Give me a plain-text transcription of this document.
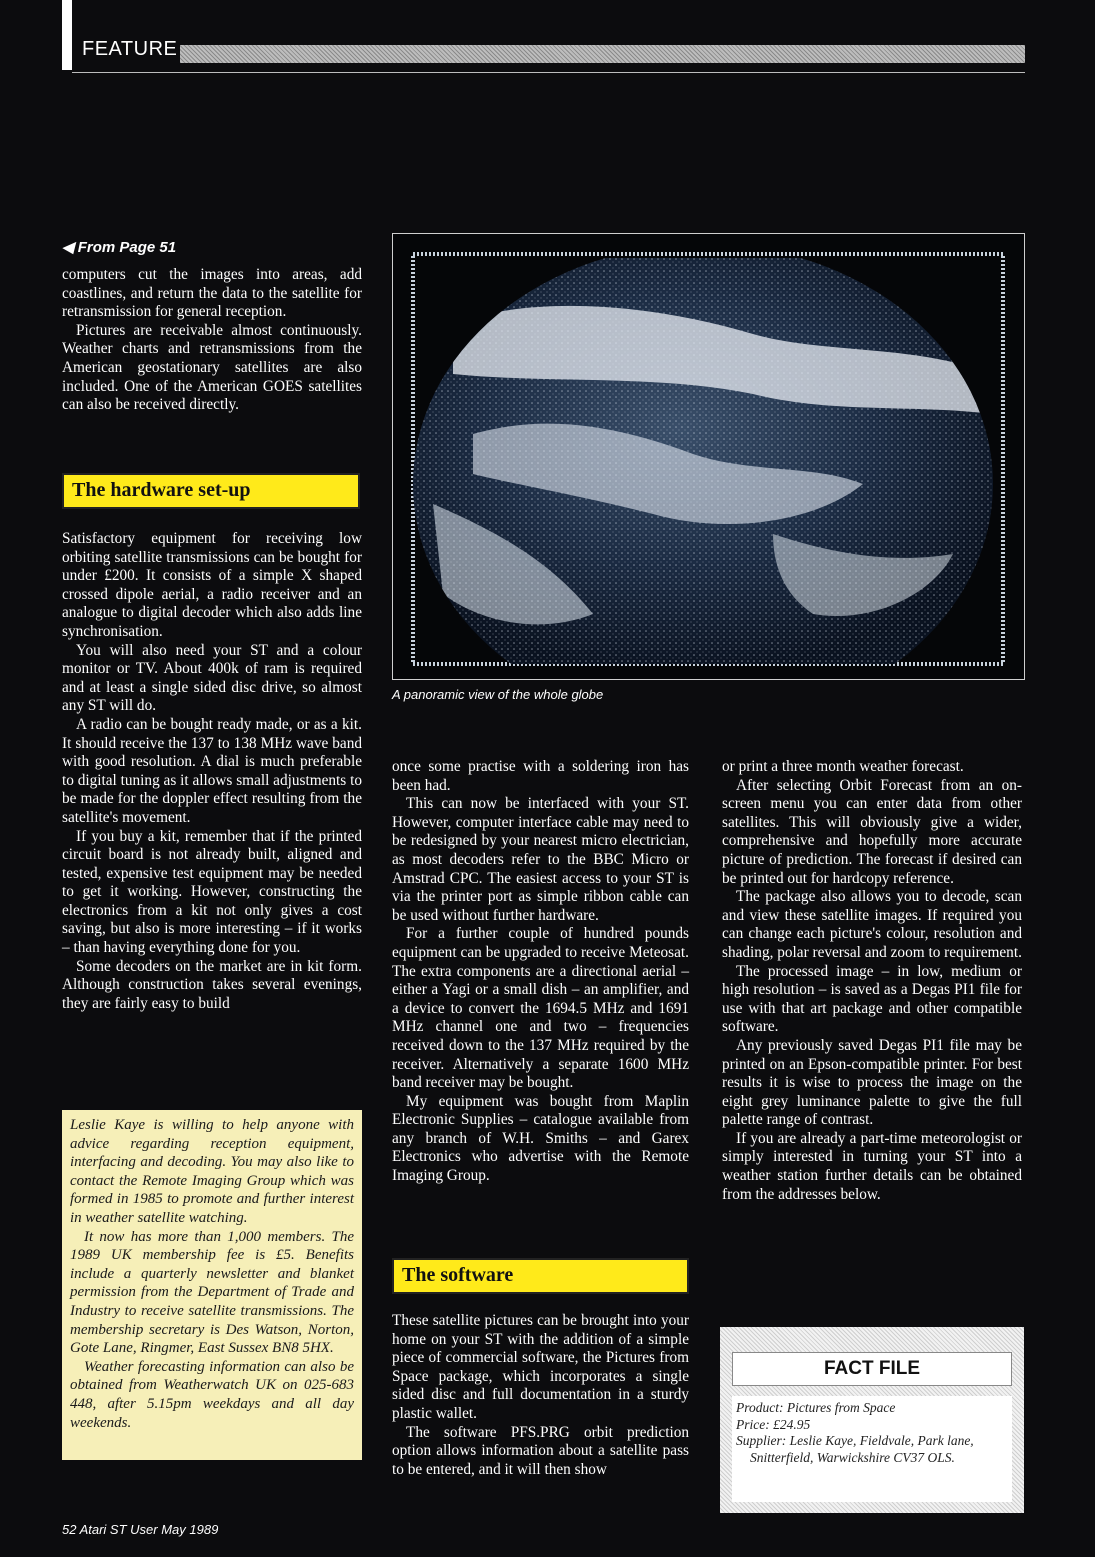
FEATURE
◀ From Page 51

computers cut the images into areas, add coastlines, and return the data to the satellite for retransmission for general reception.

Pictures are receivable almost continuously. Weather charts and retransmissions from the American geostationary satellites are also included. One of the American GOES satellites can also be received directly.

The hardware set-up

Satisfactory equipment for receiving low orbiting satellite transmissions can be bought for under £200. It consists of a simple X shaped crossed dipole aerial, a radio receiver and an analogue to digital decoder which also adds line synchronisation.

You will also need your ST and a colour monitor or TV. About 400k of ram is required and at least a single sided disc drive, so almost any ST will do.

A radio can be bought ready made, or as a kit. It should receive the 137 to 138 MHz wave band with good resolution. A dial is much preferable to digital tuning as it allows small adjustments to be made for the doppler effect resulting from the satellite's movement.

If you buy a kit, remember that if the printed circuit board is not already built, aligned and tested, expensive test equipment may be needed to get it working. However, constructing the electronics from a kit not only gives a cost saving, but also is more interesting – if it works – than having everything done for you.

Some decoders on the market are in kit form. Although construction takes several evenings, they are fairly easy to build

Leslie Kaye is willing to help anyone with advice regarding reception equipment, interfacing and decoding. You may also like to contact the Remote Imaging Group which was formed in 1985 to promote and further interest in weather satellite watching.

It now has more than 1,000 members. The 1989 UK membership fee is £5. Benefits include a quarterly newsletter and blanket permission from the Department of Trade and Industry to receive satellite transmissions. The membership secretary is Des Watson, Norton, Gote Lane, Ringmer, East Sussex BN8 5HX.

Weather forecasting information can also be obtained from Weatherwatch UK on 025-683 448, after 5.15pm weekdays and all day weekends.

A panoramic view of the whole globe

once some practise with a soldering iron has been had.

This can now be interfaced with your ST. However, computer interface cable may need to be redesigned by your nearest micro electrician, as most decoders refer to the BBC Micro or Amstrad CPC. The easiest access to your ST is via the printer port as simple ribbon cable can be used without further hardware.

For a further couple of hundred pounds equipment can be upgraded to receive Meteosat. The extra components are a directional aerial – either a Yagi or a small dish – an amplifier, and a device to convert the 1694.5 MHz and 1691 MHz channel one and two – frequencies received down to the 137 MHz required by the receiver. Alternatively a separate 1600 MHz band receiver may be bought.

My equipment was bought from Maplin Electronic Supplies – catalogue available from any branch of W.H. Smiths – and Garex Electronics who advertise with the Remote Imaging Group.

The software

These satellite pictures can be brought into your home on your ST with the addition of a simple piece of commercial software, the Pictures from Space package, which incorporates a single sided disc and full documentation in a sturdy plastic wallet.

The software PFS.PRG orbit prediction option allows information about a satellite pass to be entered, and it will then show

or print a three month weather forecast.

After selecting Orbit Forecast from an on-screen menu you can enter data from other satellites. This will obviously give a wider, comprehensive and hopefully more accurate picture of prediction. The forecast if desired can be printed out for hardcopy reference.

The package also allows you to decode, scan and view these satellite images. If required you can change each picture's colour, resolution and shading, polar reversal and zoom to requirement.

The processed image – in low, medium or high resolution – is saved as a Degas PI1 file for use with that art package and other compatible software.

Any previously saved Degas PI1 file may be printed on an Epson-compatible printer. For best results it is wise to process the image on the eight grey luminance palette to give the full palette range of contrast.

If you are already a part-time meteorologist or simply interested in turning your ST into a weather station further details can be obtained from the addresses below.

FACT FILE
Product: Pictures from Space
Price: £24.95
Supplier: Leslie Kaye, Fieldvale, Park lane,
Snitterfield, Warwickshire CV37 OLS.
52 Atari ST User May 1989
